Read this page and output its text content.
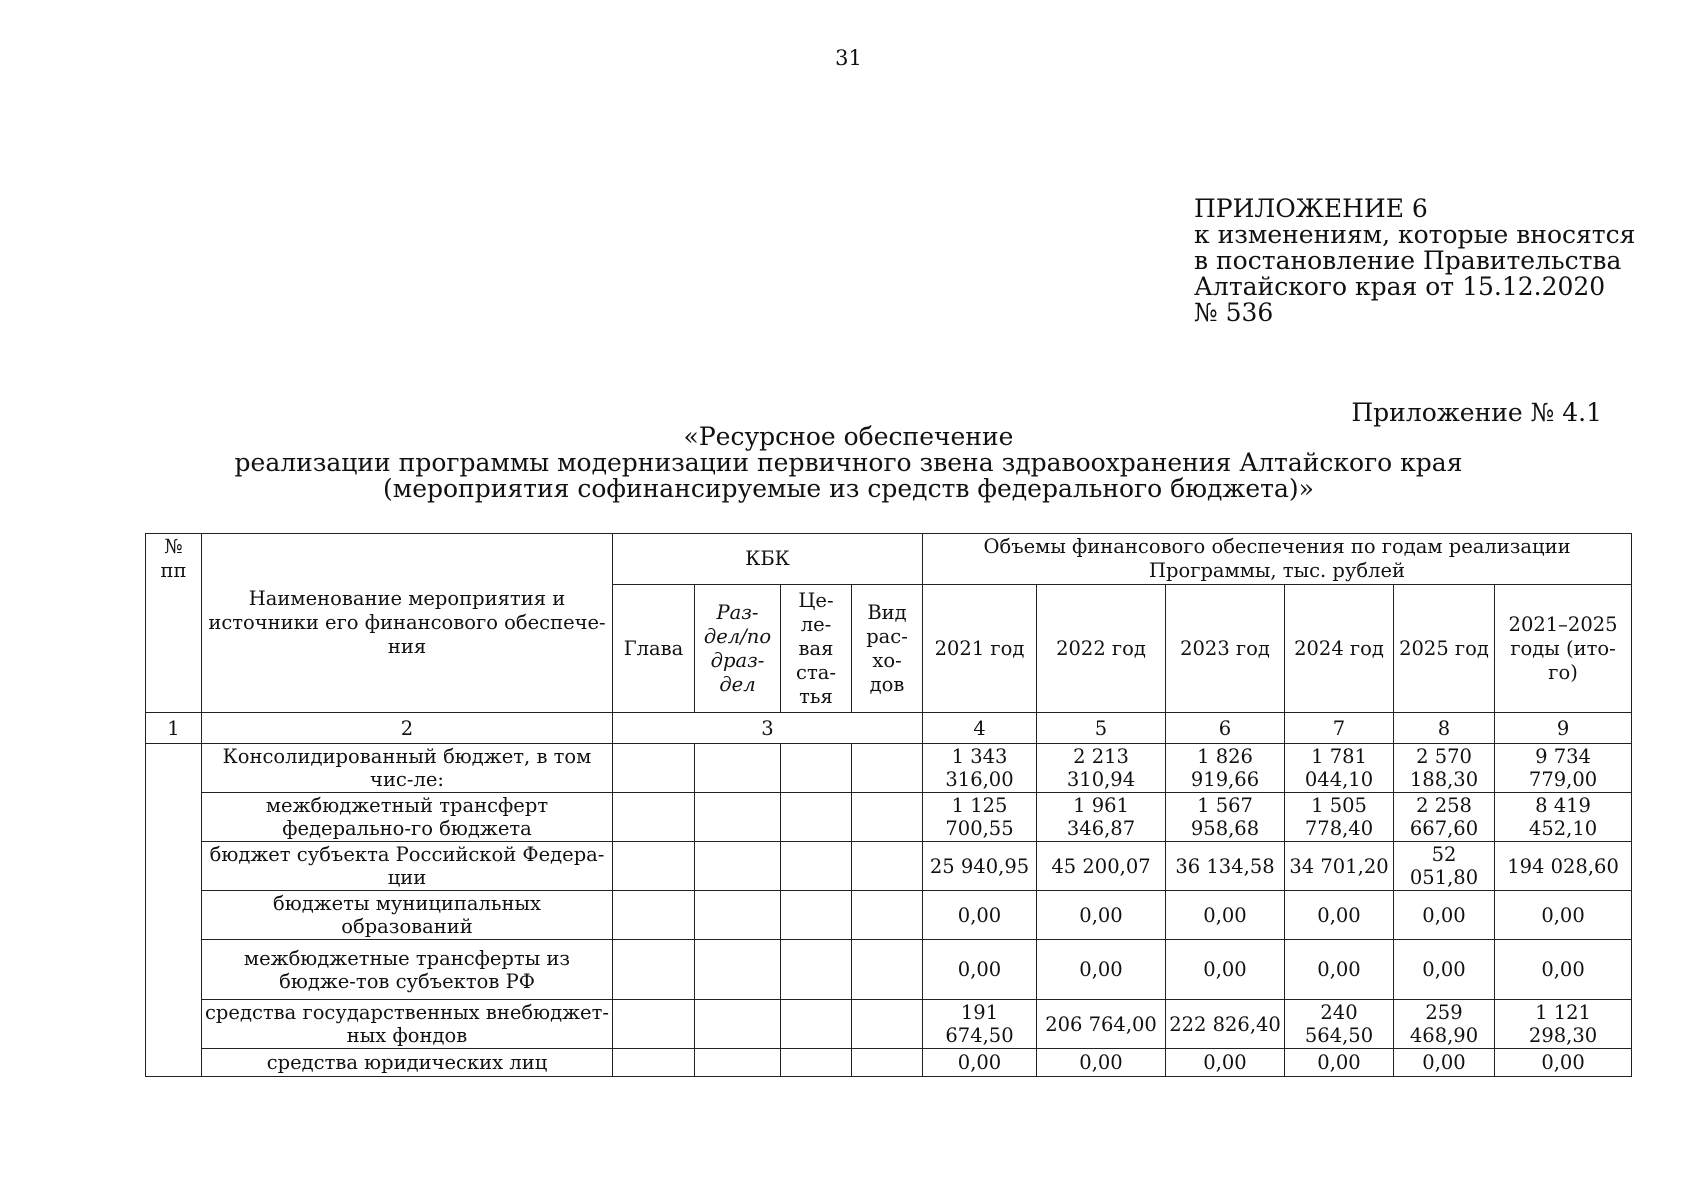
31
ПРИЛОЖЕНИЕ 6
к изменениям, которые вносятся
в постановление Правительства
Алтайского края от 15.12.2020
№ 536
Приложение № 4.1
«Ресурсное обеспечение
реализации программы модернизации первичного звена здравоохранения Алтайского края
(мероприятия софинансируемые из средств федерального бюджета)»
№ пп	Наименование мероприятия и источники его финансового обеспече-ния	КБК				Объемы финансового обеспечения по годам реализации Программы, тыс. рублей					
		Глава	Раз-дел/по драз-дел	Це-ле-вая ста-тья	Вид рас-хо-дов	2021 год	2022 год	2023 год	2024 год	2025 год	2021–2025 годы (ито-го)
1	2	3				4	5	6	7	8	9
	Консолидированный бюджет, в том чис-ле:					1 343 316,00	2 213 310,94	1 826 919,66	1 781 044,10	2 570 188,30	9 734 779,00
	межбюджетный трансферт федерально-го бюджета					1 125 700,55	1 961 346,87	1 567 958,68	1 505 778,40	2 258 667,60	8 419 452,10
	бюджет субъекта Российской Федера-ции					25 940,95	45 200,07	36 134,58	34 701,20	52 051,80	194 028,60
	бюджеты муниципальных образований					0,00	0,00	0,00	0,00	0,00	0,00
	межбюджетные трансферты из бюдже-тов субъектов РФ					0,00	0,00	0,00	0,00	0,00	0,00
	средства государственных внебюджет-ных фондов					191 674,50	206 764,00	222 826,40	240 564,50	259 468,90	1 121 298,30
	средства юридических лиц					0,00	0,00	0,00	0,00	0,00	0,00
